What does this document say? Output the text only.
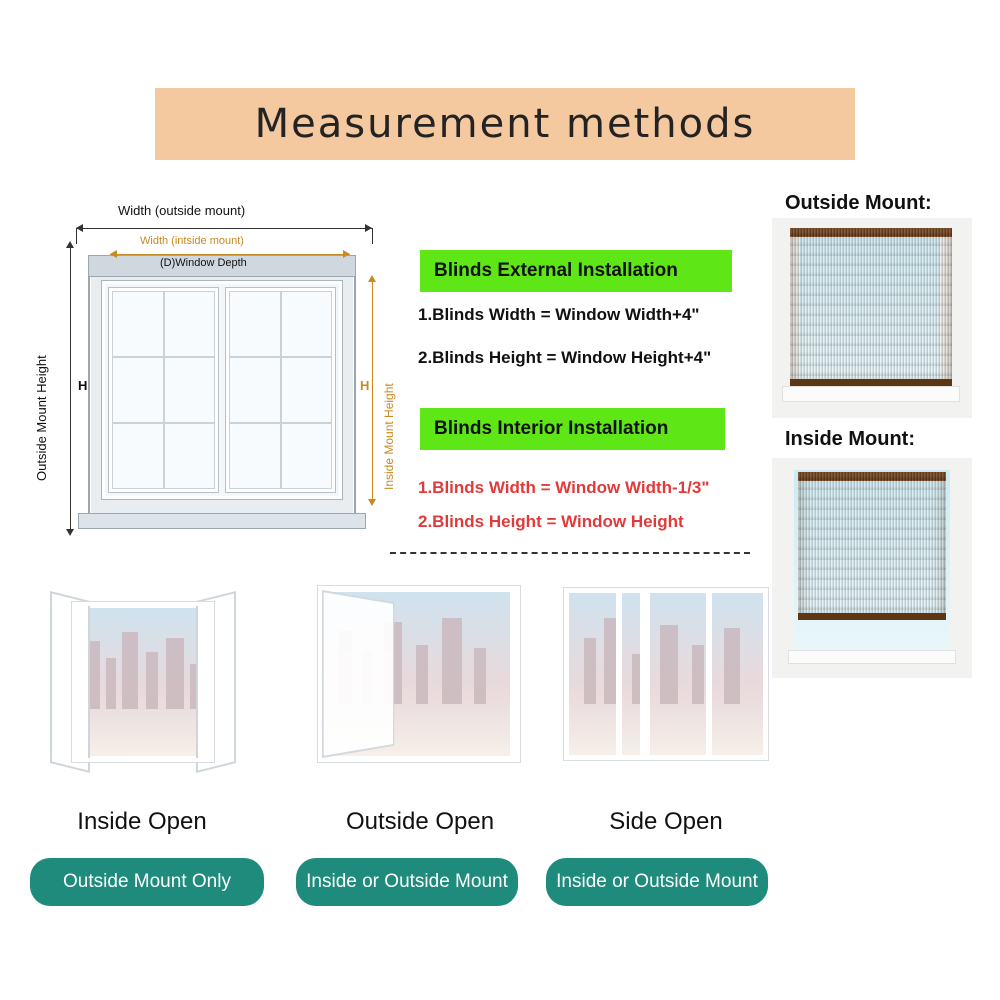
Measurement methods
Width (outside mount)
Width (intside mount)
(D)Window Depth
Outside Mount Height H	Inside Mount Height
H
Blinds External Installation
1.Blinds Width = Window Width+4"
2.Blinds Height = Window Height+4"
Blinds Interior Installation
1.Blinds Width = Window Width-1/3"
2.Blinds Height = Window Height
Outside Mount:
Inside Mount:
Inside Open
Outside Mount Only
Outside Open
Inside or Outside Mount
Side Open
Inside or Outside Mount
